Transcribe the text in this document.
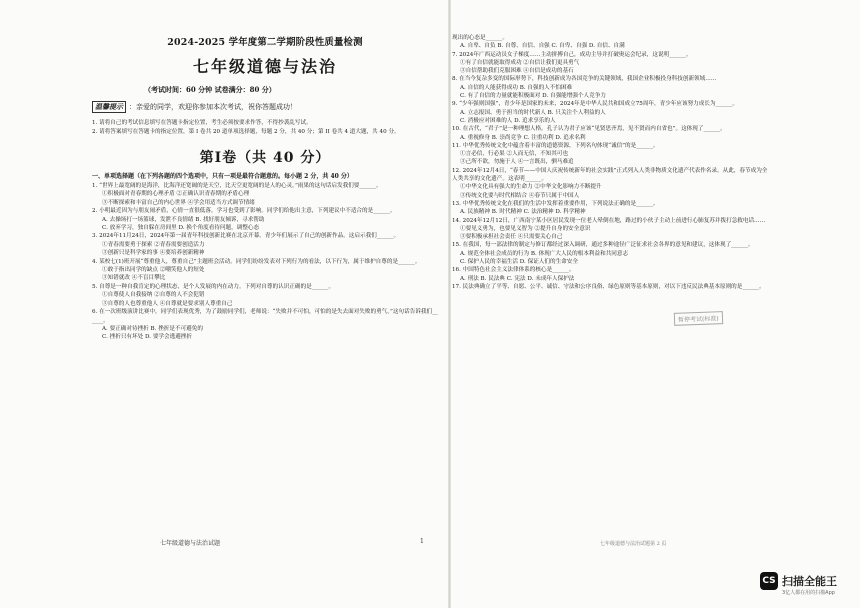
2024-2025 学年度第二学期阶段性质量检测
七年级道德与法治
（考试时间：60 分钟 试卷满分：80 分）
温馨提示 ：亲爱的同学，欢迎你参加本次考试，祝你答题成功！

1. 请将自己的考试信息填写在答题卡指定位置，考生必须按要求作答，不得抄袭乱写试。

2. 请将答案填写在答题卡的指定位置，第 I 卷共 20 道单项选择题，每题 2 分，共 40 分；第 II 卷共 4 道大题，共 40 分。

第Ⅰ卷（共 40 分）
一、单项选择题（在下列各题的四个选项中，只有一项是最符合题意的。每小题 2 分，共 40 分）

1. “世界上最宽阔的是海洋，比海洋还宽阔的是天空，比天空更宽阔的是人的心灵。”雨果的这句话启发我们要______。

①积极面对青春期的心理矛盾 ②正确认识青春期的矛盾心理

③不断探索和丰富自己的内心世界 ④学会用适当方式调节情绪

2. 小明最近因为与朋友闹矛盾，心情一直很低落，学习也受到了影响。同学们给他出主意，下列建议中不适合的是______。

A. 去操场打一场篮球，发泄不良情绪 B. 找好朋友倾诉，寻求帮助

C. 放弃学习，独自躲在房间里 D. 换个角度看待问题，调整心态

3. 2024年11月24日，2024年第一届青年科技创新比赛在北京开幕。青少年们展示了自己的创新作品。这启示我们______。

①青春需要勇于探索 ②青春需要创造活力

③创新只是科学家的事 ④要培养创新精神

4. 某校七(1)班开展“尊重他人，尊重自己”主题班会活动。同学们纷纷发表对下列行为的看法，以下行为，属于维护自尊的是______。

①敢于指出同学的缺点 ②嘲笑他人的短处

③知错就改 ④不盲目攀比

5. 自尊是一种自我肯定的心理状态，是个人发展的内在动力。下列对自尊的认识正确的是______。

①自尊使人自我接纳 ②自尊的人不会犯错

③自尊的人也尊重他人 ④自尊就是要求别人尊重自己

6. 在一次班级演讲比赛中，同学们表现优秀，为了鼓励同学们，老师说：“失败并不可怕，可怕的是失去面对失败的勇气。”这句话告诉我们______。

A. 要正确对待挫折 B. 挫折是不可避免的

C. 挫折只有坏处 D. 要学会逃避挫折

现出的心态是______。

A. 自卑、自负 B. 自尊、自信、自强 C. 自卑、自强 D. 自信、自满

7. 2024年广西运动员女子梯度……主动拼搏自己，成功主导并打破奥运会纪录，这说明______。

①有了自信就能取得成功 ②自信让我们更具勇气

③自信帮助我们克服困难 ④自信是成功的基石

8. 在当今复杂多变的国际形势下，科技创新成为各国竞争的关键领域，我国企业积极投身科技创新领域……

A. 自信的人能获得成功 B. 自强的人不怕困难

C. 有了自信的力量就能积极面对 D. 自强能增强个人竞争力

9. “少年强则国强”，青少年是国家的未来，2024年是中华人民共和国成立75周年，青少年应该努力成长为______。

A. 立志报国、勇于担当的时代新人 B. 只关注个人利益的人

C. 消极应对困难的人 D. 追求享乐的人

10. 在古代，“君子”是一种理想人格。孔子认为君子应该“见贤思齐焉，见不贤而内自省也”。这体现了______。

A. 重视修身 B. 崇尚竞争 C. 注重功利 D. 追求名利

11. 中华优秀传统文化中蕴含着丰富的道德资源，下列名句体现“诚信”的是______。

①言必信，行必果 ②人而无信，不知其可也

③己所不欲，勿施于人 ④一言既出，驷马难追

12. 2024年12月4日，“春节——中国人庆祝传统新年的社会实践”正式列入人类非物质文化遗产代表作名录。从此，春节成为全人类共享的文化遗产。这表明______。

①中华文化具有强大的生命力 ②中华文化影响力不断提升

③传统文化要与时代相结合 ④春节只属于中国人

13. 中华优秀传统文化在我们的生活中发挥着重要作用，下列说法正确的是______。

A. 民族精神 B. 时代精神 C. 法治精神 D. 科学精神

14. 2024年12月12日，广西南宁某小区居民发现一位老人晕倒在地，路过的小伙子主动上前进行心肺复苏并拨打急救电话……

①要见义勇为，也要见义智为 ②提升自身的安全意识

③要积极承担社会责任 ④只需要关心自己

15. 在我国，每一部法律的制定与修订都经过深入调研，通过多种途径广泛征求社会各界的意见和建议，这体现了______。

A. 规范全体社会成员的行为 B. 体现广大人民的根本利益和共同意志

C. 保护人民的幸福生活 D. 保证人们的生命安全

16. 中国特色社会主义法律体系的核心是______。

A. 刑法 B. 民法典 C. 宪法 D. 未成年人保护法

17. 民法典确立了平等、自愿、公平、诚信、守法和公序良俗、绿色原则等基本原则，对以下违反民法典基本原则的是______。

暂停考试(标准)
七年级道德与法治试题	1	七年级道德与法治试题第 2 页
CS 扫描全能王
3亿人都在用的扫描App
